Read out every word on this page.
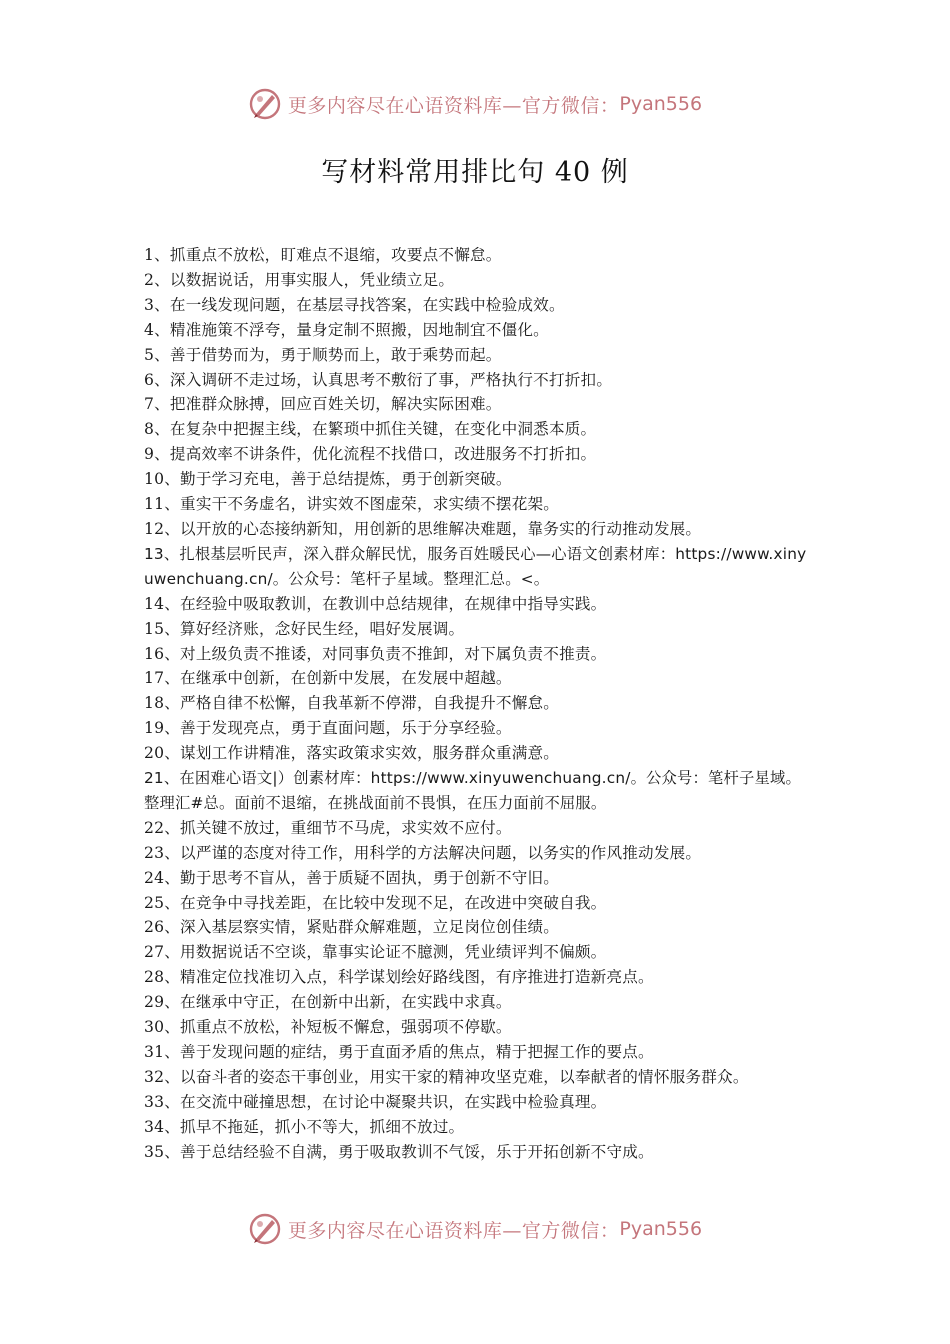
更多内容尽在心语资料库—官方微信： Pyan556
写材料常用排比句 40 例
1、抓重点不放松，盯难点不退缩，攻要点不懈怠。
2、以数据说话，用事实服人，凭业绩立足。
3、在一线发现问题，在基层寻找答案，在实践中检验成效。
4、精准施策不浮夸，量身定制不照搬，因地制宜不僵化。
5、善于借势而为，勇于顺势而上，敢于乘势而起。
6、深入调研不走过场，认真思考不敷衍了事，严格执行不打折扣。
7、把准群众脉搏，回应百姓关切，解决实际困难。
8、在复杂中把握主线，在繁琐中抓住关键，在变化中洞悉本质。
9、提高效率不讲条件，优化流程不找借口，改进服务不打折扣。
10、勤于学习充电，善于总结提炼，勇于创新突破。
11、重实干不务虚名，讲实效不图虚荣，求实绩不摆花架。
12、以开放的心态接纳新知，用创新的思维解决难题，靠务实的行动推动发展。
13、扎根基层听民声，深入群众解民忧，服务百姓暖民心—心语文创素材库：https://www.xinyuwenchuang.cn/。公众号：笔杆子星域。整理汇总。<。
14、在经验中吸取教训，在教训中总结规律，在规律中指导实践。
15、算好经济账，念好民生经，唱好发展调。
16、对上级负责不推诿，对同事负责不推卸，对下属负责不推责。
17、在继承中创新，在创新中发展，在发展中超越。
18、严格自律不松懈，自我革新不停滞，自我提升不懈怠。
19、善于发现亮点，勇于直面问题，乐于分享经验。
20、谋划工作讲精准，落实政策求实效，服务群众重满意。
21、在困难心语文|）创素材库：https://www.xinyuwenchuang.cn/。公众号：笔杆子星域。整理汇#总。面前不退缩，在挑战面前不畏惧，在压力面前不屈服。
22、抓关键不放过，重细节不马虎，求实效不应付。
23、以严谨的态度对待工作，用科学的方法解决问题，以务实的作风推动发展。
24、勤于思考不盲从，善于质疑不固执，勇于创新不守旧。
25、在竞争中寻找差距，在比较中发现不足，在改进中突破自我。
26、深入基层察实情，紧贴群众解难题，立足岗位创佳绩。
27、用数据说话不空谈，靠事实论证不臆测，凭业绩评判不偏颇。
28、精准定位找准切入点，科学谋划绘好路线图，有序推进打造新亮点。
29、在继承中守正，在创新中出新，在实践中求真。
30、抓重点不放松，补短板不懈怠，强弱项不停歇。
31、善于发现问题的症结，勇于直面矛盾的焦点，精于把握工作的要点。
32、以奋斗者的姿态干事创业，用实干家的精神攻坚克难，以奉献者的情怀服务群众。
33、在交流中碰撞思想，在讨论中凝聚共识，在实践中检验真理。
34、抓早不拖延，抓小不等大，抓细不放过。
35、善于总结经验不自满，勇于吸取教训不气馁，乐于开拓创新不守成。
更多内容尽在心语资料库—官方微信： Pyan556
